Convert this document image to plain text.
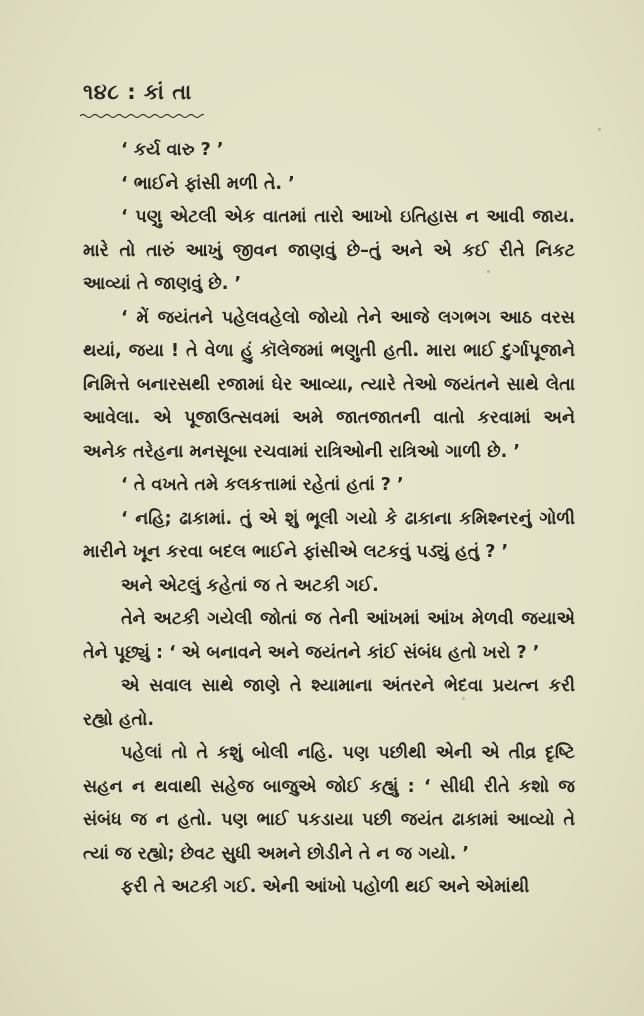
૧૪૮ : કાં તા

‘ કર્ય વારુ ? ’

‘ ભાઈને ફાંસી મળી તે. ’

‘ પણુ એટલી એક વાતમાં તારો આખો ઇતિહાસ ન આવી જાય. મારે તો તારું આખું જીવન જાણવું છે–તું અને એ કઈ રીતે નિકટ આવ્યાં તે જાણવું છે. ’

‘ મેં જયંતને પહેલવહેલો જોયો તેને આજે લગભગ આઠ વરસ થયાં, જયા ! તે વેળા હું કૉલેજમાં ભણુતી હતી. મારા ભાઈ દુર્ગાપૂજાને નિમિત્તે બનારસથી રજામાં ઘેર આવ્યા, ત્યારે તેઓ જયંતને સાથે લેતા આવેલા. એ પૂજાઉત્સવમાં અમે જાતજાતની વાતો કરવામાં અને અનેક તરેહના મનસૂબા રચવામાં રાત્રિઓની રાત્રિઓ ગાળી છે. ’

‘ તે વખતે તમે કલકત્તામાં રહેતાં હતાં ? ’

‘ નહિ; ઢાકામાં. તું એ શું ભૂલી ગયો કે ઢાકાના કમિશ્નરનું ગોળી મારીને ખૂન કરવા બદલ ભાઈને ફાંસીએ લટકવું પડ્યું હતું ? ’

અને એટલું કહેતાં જ તે અટકી ગઈ.

તેને અટકી ગયેલી જોતાં જ તેની આંખમાં આંખ મેળવી જયાએ તેને પૂછ્યું : ‘ એ બનાવને અને જયંતને કાંઈ સંબંધ હતો ખરો ? ’

એ સવાલ સાથે જાણે તે શ્યામાના અંતરને ભેદવા પ્રયત્ન કરી રહ્યો હતો.

પહેલાં તો તે કશું બોલી નહિ. પણ પછીથી એની એ તીવ્ર દૃષ્ટિ સહન ન થવાથી સહેજ બાજુએ જોઈ કહ્યું : ‘ સીધી રીતે કશો જ સંબંધ જ ન હતો. પણ ભાઈ પકડાયા પછી જયંત ઢાકામાં આવ્યો તે ત્યાં જ રહ્યો; છેવટ સુધી અમને છોડીને તે ન જ ગયો. ’

ફરી તે અટકી ગઈ. એની આંખો પહોળી થઈ અને એમાંથી
